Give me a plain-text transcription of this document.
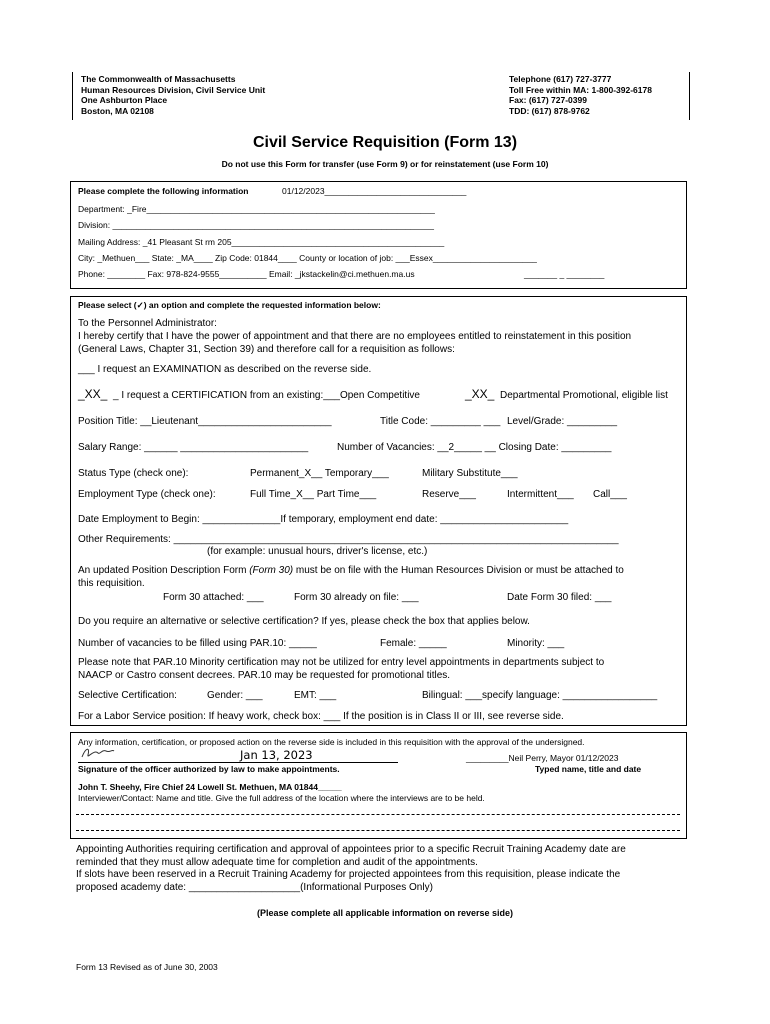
The Commonwealth of Massachusetts
Human Resources Division, Civil Service Unit
One Ashburton Place
Boston, MA 02108
Telephone (617) 727-3777
Toll Free within MA: 1-800-392-6178
Fax: (617) 727-0399
TDD: (617) 878-9762
Civil Service Requisition (Form 13)
Do not use this Form for transfer (use Form 9) or for reinstatement (use Form 10)
Please complete the following information	01/12/2023______________________________
Department: _Fire_____________________________________________________________
Division: ____________________________________________________________________
Mailing Address: _41 Pleasant St rm 205_____________________________________________
City: _Methuen___ State: _MA____ Zip Code: 01844____ County or location of job: ___Essex______________________
Phone: ________ Fax: 978-824-9555__________ Email: _jkstackelin@ci.methuen.ma.us	_______ _ ________
Please select (✓) an option and complete the requested information below:
To the Personnel Administrator:
I hereby certify that I have the power of appointment and that there are no employees entitled to reinstatement in this position
(General Laws, Chapter 31, Section 39) and therefore call for a requisition as follows:
___ I request an EXAMINATION as described on the reverse side.
_XX_ _ I request a CERTIFICATION from an existing:___Open Competitive	_XX_ Departmental Promotional, eligible list
Position Title: __Lieutenant________________________	Title Code: _________ ___ Level/Grade: _________
Salary Range: ______ _______________________	Number of Vacancies: __2_____ __ Closing Date: _________
Status Type (check one):	Permanent_X__ Temporary___	Military Substitute___
Employment Type (check one):	Full Time_X__ Part Time___	Reserve___	Intermittent___ Call___
Date Employment to Begin: ______________If temporary, employment end date: _______________________
Other Requirements: ________________________________________________________________________________
(for example: unusual hours, driver's license, etc.)
An updated Position Description Form (Form 30) must be on file with the Human Resources Division or must be attached to
this requisition.
Form 30 attached: ___	Form 30 already on file: ___	Date Form 30 filed: ___
Do you require an alternative or selective certification? If yes, please check the box that applies below.
Number of vacancies to be filled using PAR.10: _____	Female: _____	Minority: ___
Please note that PAR.10 Minority certification may not be utilized for entry level appointments in departments subject to
NAACP or Castro consent decrees. PAR.10 may be requested for promotional titles.
Selective Certification:	Gender: ___	EMT: ___	Bilingual: ___specify language: _________________
For a Labor Service position: If heavy work, check box: ___ If the position is in Class II or III, see reverse side.
Any information, certification, or proposed action on the reverse side is included in this requisition with the approval of the undersigned.
Jan 13, 2023	_________Neil Perry, Mayor 01/12/2023
Signature of the officer authorized by law to make appointments.	Typed name, title and date
John T. Sheehy, Fire Chief 24 Lowell St. Methuen, MA 01844_____
Interviewer/Contact: Name and title. Give the full address of the location where the interviews are to be held.
Appointing Authorities requiring certification and approval of appointees prior to a specific Recruit Training Academy date are
reminded that they must allow adequate time for completion and audit of the appointments.
If slots have been reserved in a Recruit Training Academy for projected appointees from this requisition, please indicate the
proposed academy date: ____________________(Informational Purposes Only)
(Please complete all applicable information on reverse side)
Form 13 Revised as of June 30, 2003
